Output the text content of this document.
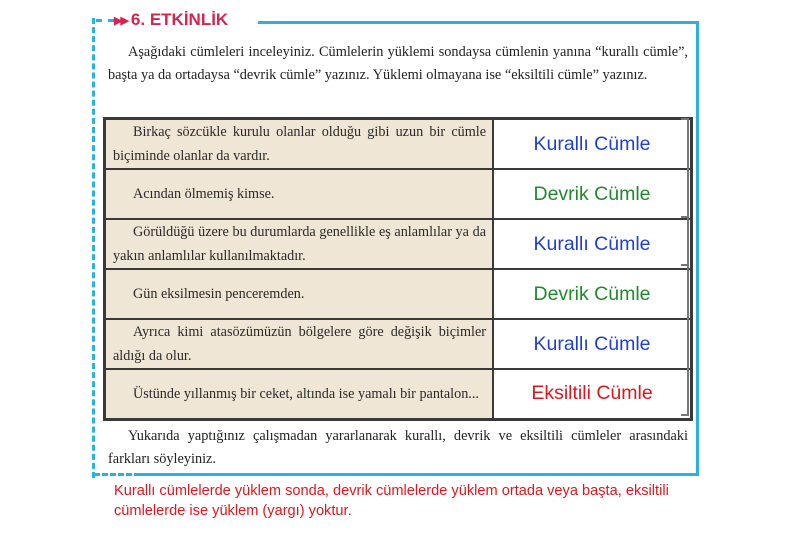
▶▶ 6. ETKİNLİK

Aşağıdaki cümleleri inceleyiniz. Cümlelerin yüklemi sondaysa cümlenin yanına “kurallı cümle”, başta ya da ortadaysa “devrik cümle” yazınız. Yüklemi olmayana ise “eksiltili cümle” yazınız.

Birkaç sözcükle kurulu olanlar olduğu gibi uzun bir cümle biçiminde olanlar da vardır.	Kurallı Cümle

Acından ölmemiş kimse.	Devrik Cümle

Görüldüğü üzere bu durumlarda genellikle eş anlamlılar ya da yakın anlamlılar kullanılmaktadır.	Kurallı Cümle

Gün eksilmesin penceremden.	Devrik Cümle

Ayrıca kimi atasözümüzün bölgelere göre değişik biçimler aldığı da olur.	Kurallı Cümle

Üstünde yıllanmış bir ceket, altında ise yamalı bir pantalon...	Eksiltili Cümle

Yukarıda yaptığınız çalışmadan yararlanarak kurallı, devrik ve eksiltili cümleler arasındaki farkları söyleyiniz.

Kurallı cümlelerde yüklem sonda, devrik cümlelerde yüklem ortada veya başta, eksiltili cümlelerde ise yüklem (yargı) yoktur.
